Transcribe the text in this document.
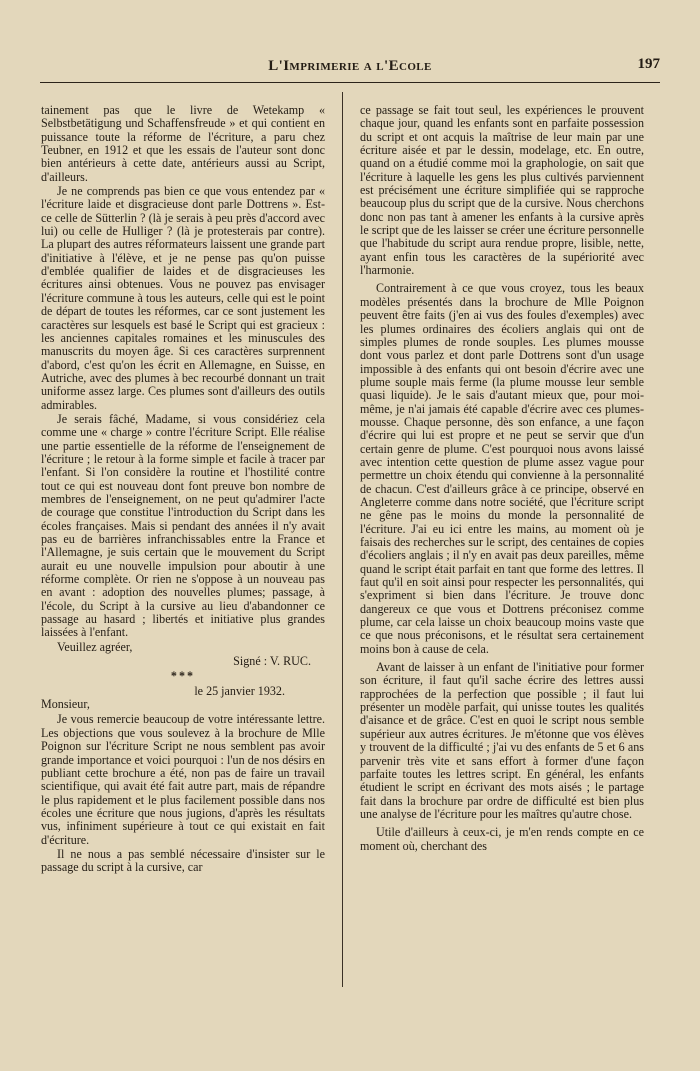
L'Imprimerie a l'Ecole	197

tainement pas que le livre de Wetekamp « Selbstbetätigung und Schaffensfreude » et qui contient en puissance toute la réforme de l'écriture, a paru chez Teubner, en 1912 et que les essais de l'auteur sont donc bien antérieurs à cette date, antérieurs aussi au Script, d'ailleurs.

Je ne comprends pas bien ce que vous entendez par « l'écriture laide et disgracieuse dont parle Dottrens ». Est-ce celle de Sütterlin ? (là je serais à peu près d'accord avec lui) ou celle de Hulliger ? (là je protesterais par contre). La plupart des autres réformateurs laissent une grande part d'initiative à l'élève, et je ne pense pas qu'on puisse d'emblée qualifier de laides et de disgracieuses les écritures ainsi obtenues. Vous ne pouvez pas envisager l'écriture commune à tous les auteurs, celle qui est le point de départ de toutes les réformes, car ce sont justement les caractères sur lesquels est basé le Script qui est gracieux : les anciennes capitales romaines et les minuscules des manuscrits du moyen âge. Si ces caractères surprennent d'abord, c'est qu'on les écrit en Allemagne, en Suisse, en Autriche, avec des plumes à bec recourbé donnant un trait uniforme assez large. Ces plumes sont d'ailleurs des outils admirables.

Je serais fâché, Madame, si vous considériez cela comme une « charge » contre l'écriture Script. Elle réalise une partie essentielle de la réforme de l'enseignement de l'écriture ; le retour à la forme simple et facile à tracer par l'enfant. Si l'on considère la routine et l'hostilité contre tout ce qui est nouveau dont font preuve bon nombre de membres de l'enseignement, on ne peut qu'admirer l'acte de courage que constitue l'introduction du Script dans les écoles françaises. Mais si pendant des années il n'y avait pas eu de barrières infranchissables entre la France et l'Allemagne, je suis certain que le mouvement du Script aurait eu une nouvelle impulsion pour aboutir à une réforme complète. Or rien ne s'oppose à un nouveau pas en avant : adoption des nouvelles plumes; passage, à l'école, du Script à la cursive au lieu d'abandonner ce passage au hasard ; libertés et initiative plus grandes laissées à l'enfant.

Veuillez agréer,

Signé : V. RUC.
***
le 25 janvier 1932.
Monsieur,

Je vous remercie beaucoup de votre intéressante lettre. Les objections que vous soulevez à la brochure de Mlle Poignon sur l'écriture Script ne nous semblent pas avoir grande importance et voici pourquoi : l'un de nos désirs en publiant cette brochure a été, non pas de faire un travail scientifique, qui avait été fait autre part, mais de répandre le plus rapidement et le plus facilement possible dans nos écoles une écriture que nous jugions, d'après les résultats vus, infiniment supérieure à tout ce qui existait en fait d'écriture.

Il ne nous a pas semblé nécessaire d'insister sur le passage du script à la cursive, car

ce passage se fait tout seul, les expériences le prouvent chaque jour, quand les enfants sont en parfaite possession du script et ont acquis la maîtrise de leur main par une écriture aisée et par le dessin, modelage, etc. En outre, quand on a étudié comme moi la graphologie, on sait que l'écriture à laquelle les gens les plus cultivés parviennent est précisément une écriture simplifiée qui se rapproche beaucoup plus du script que de la cursive. Nous cherchons donc non pas tant à amener les enfants à la cursive après le script que de les laisser se créer une écriture personnelle que l'habitude du script aura rendue propre, lisible, nette, ayant enfin tous les caractères de la supériorité avec l'harmonie.

Contrairement à ce que vous croyez, tous les beaux modèles présentés dans la brochure de Mlle Poignon peuvent être faits (j'en ai vus des foules d'exemples) avec les plumes ordinaires des écoliers anglais qui ont de simples plumes de ronde souples. Les plumes mousse dont vous parlez et dont parle Dottrens sont d'un usage impossible à des enfants qui ont besoin d'écrire avec une plume souple mais ferme (la plume mousse leur semble quasi liquide). Je le sais d'autant mieux que, pour moi-même, je n'ai jamais été capable d'écrire avec ces plumes-mousse. Chaque personne, dès son enfance, a une façon d'écrire qui lui est propre et ne peut se servir que d'un certain genre de plume. C'est pourquoi nous avons laissé avec intention cette question de plume assez vague pour permettre un choix étendu qui convienne à la personnalité de chacun. C'est d'ailleurs grâce à ce principe, observé en Angleterre comme dans notre société, que l'écriture script ne gêne pas le moins du monde la personnalité de l'écriture. J'ai eu ici entre les mains, au moment où je faisais des recherches sur le script, des centaines de copies d'écoliers anglais ; il n'y en avait pas deux pareilles, même quand le script était parfait en tant que forme des lettres. Il faut qu'il en soit ainsi pour respecter les personnalités, qui s'expriment si bien dans l'écriture. Je trouve donc dangereux ce que vous et Dottrens préconisez comme plume, car cela laisse un choix beaucoup moins vaste que ce que nous préconisons, et le résultat sera certainement moins bon à cause de cela.

Avant de laisser à un enfant de l'initiative pour former son écriture, il faut qu'il sache écrire des lettres aussi rapprochées de la perfection que possible ; il faut lui présenter un modèle parfait, qui unisse toutes les qualités d'aisance et de grâce. C'est en quoi le script nous semble supérieur aux autres écritures. Je m'étonne que vos élèves y trouvent de la difficulté ; j'ai vu des enfants de 5 et 6 ans parvenir très vite et sans effort à former d'une façon parfaite toutes les lettres script. En général, les enfants étudient le script en écrivant des mots aisés ; le partage fait dans la brochure par ordre de difficulté est bien plus une analyse de l'écriture pour les maîtres qu'autre chose.

Utile d'ailleurs à ceux-ci, je m'en rends compte en ce moment où, cherchant des
